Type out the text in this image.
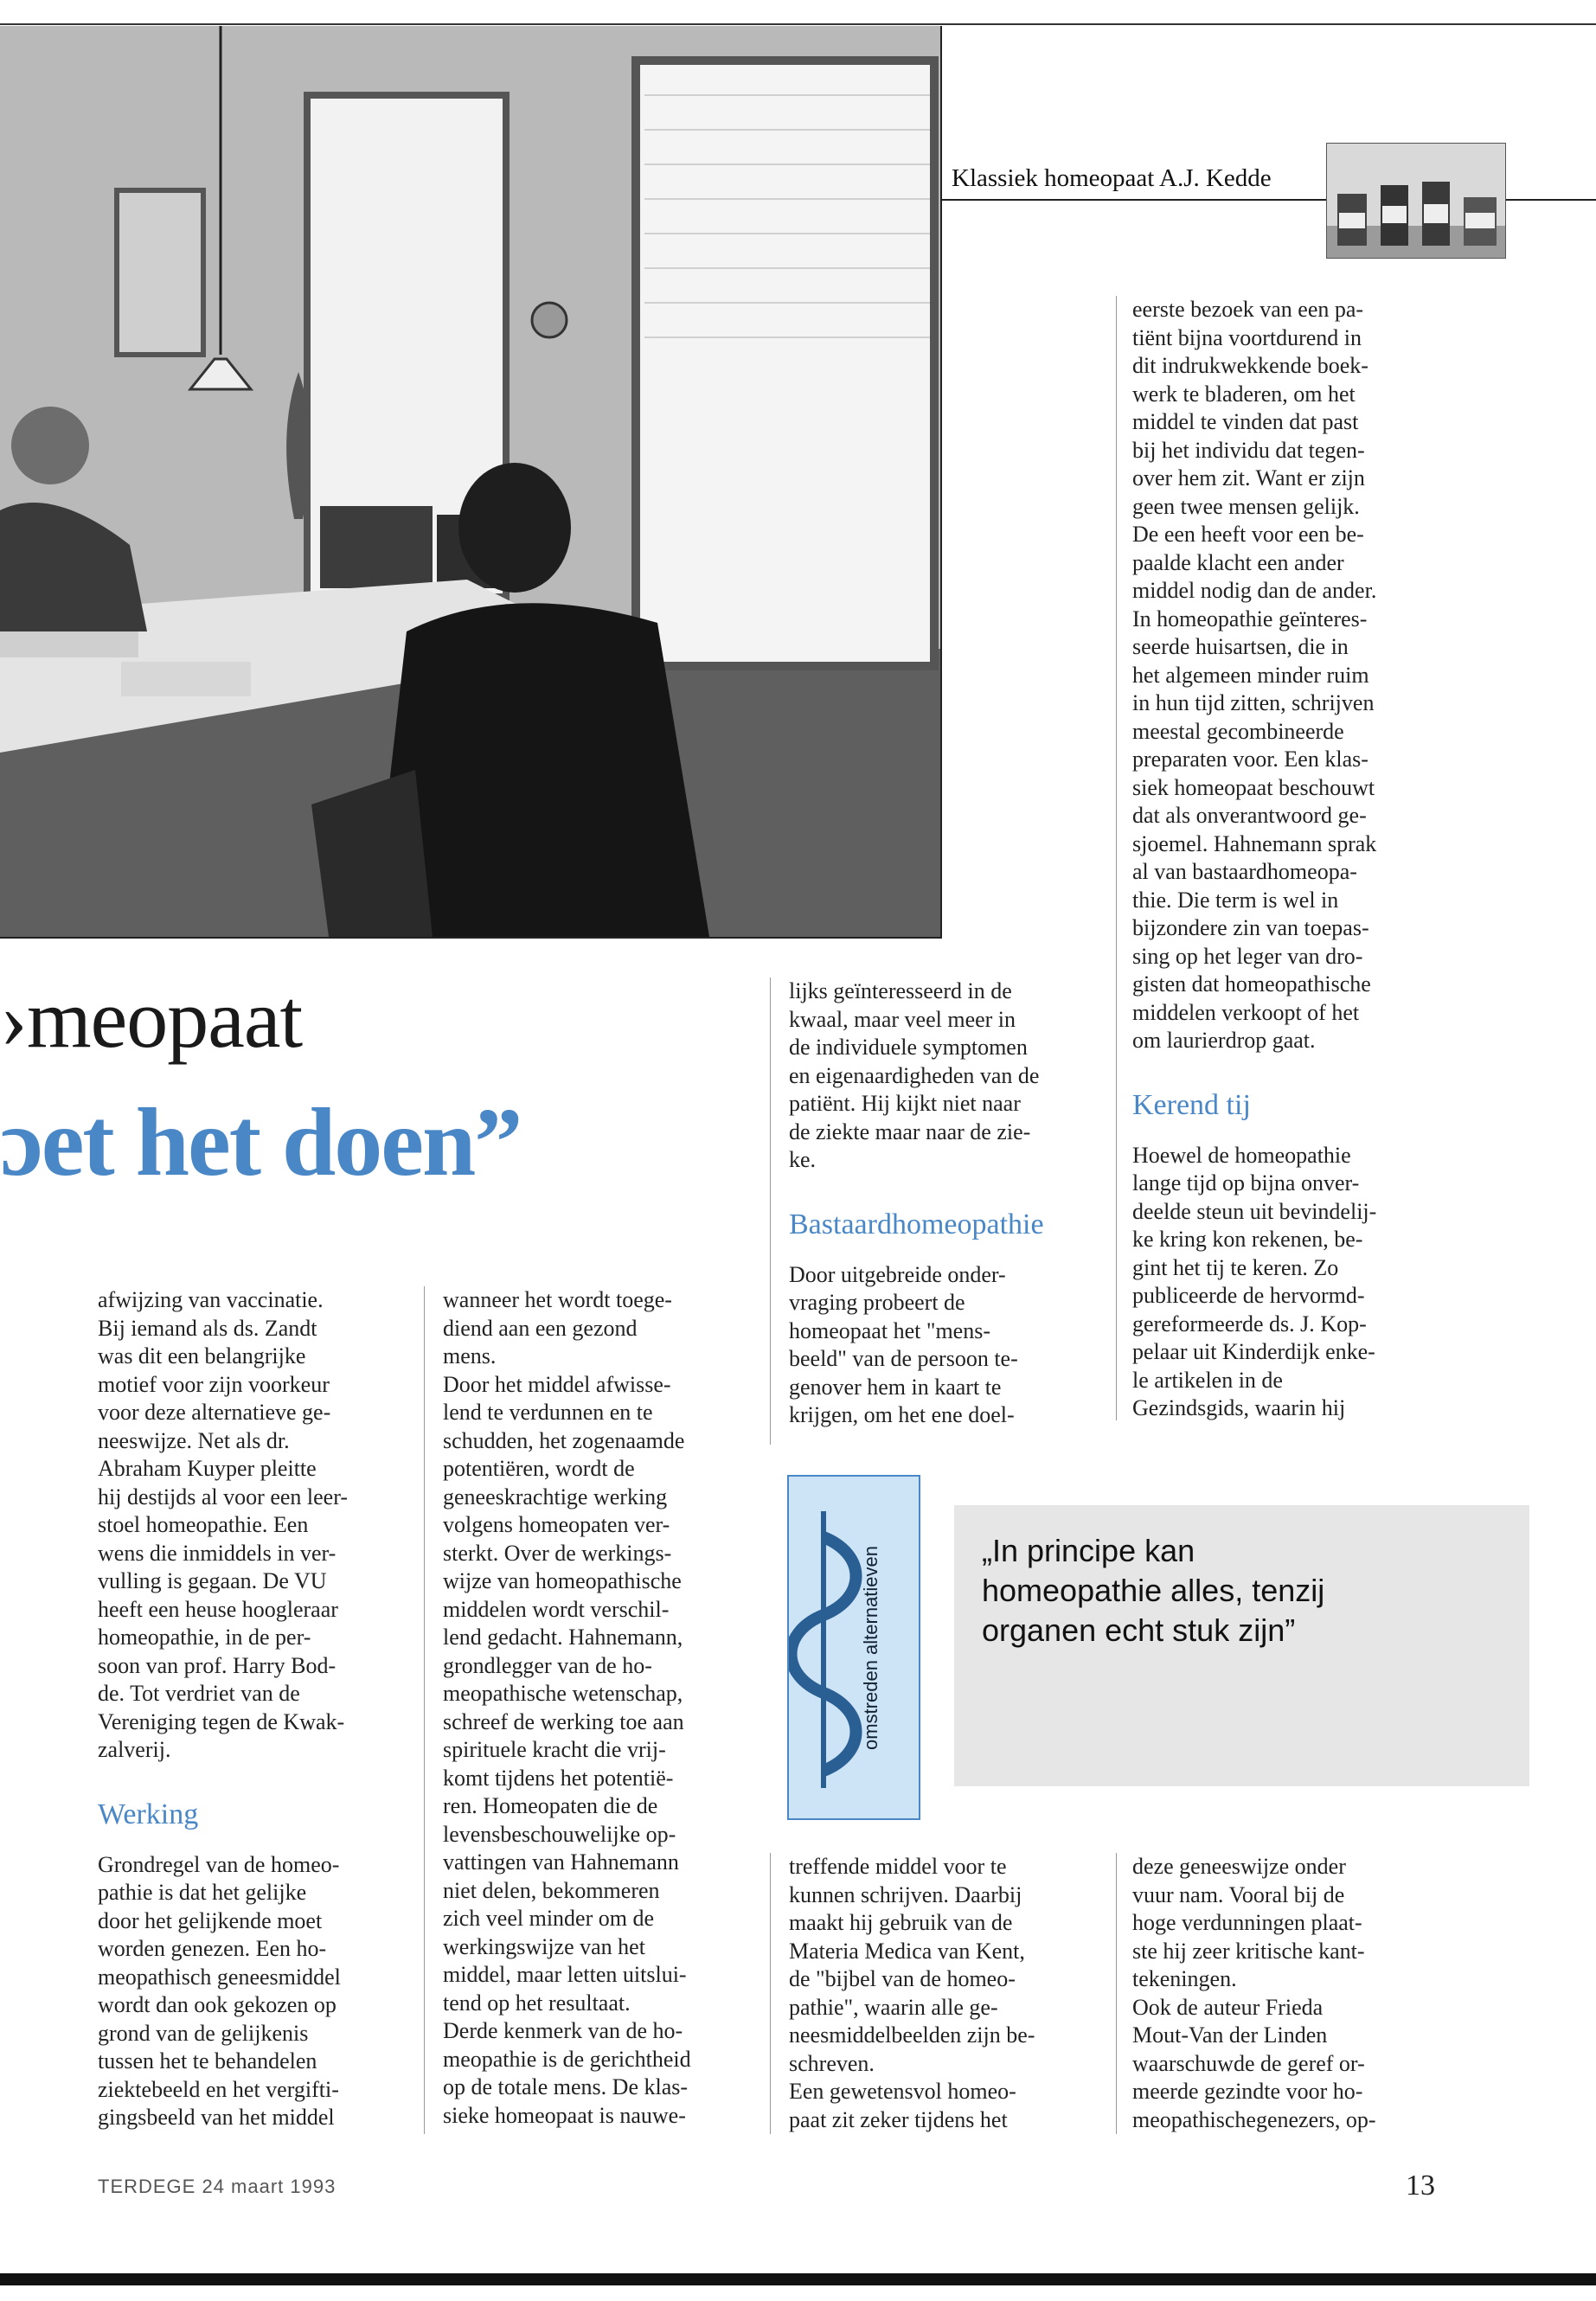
Klassiek homeopaat A.J. Kedde
›meopaat
ɔet het doen”

afwijzing van vaccinatie.
Bij iemand als ds. Zandt
was dit een belangrijke
motief voor zijn voorkeur
voor deze alternatieve ge-
neeswijze. Net als dr.
Abraham Kuyper pleitte
hij destijds al voor een leer-
stoel homeopathie. Een
wens die inmiddels in ver-
vulling is gegaan. De VU
heeft een heuse hoogleraar
homeopathie, in de per-
soon van prof. Harry Bod-
de. Tot verdriet van de
Vereniging tegen de Kwak-
zalverij.

Werking

Grondregel van de homeo-
pathie is dat het gelijke
door het gelijkende moet
worden genezen. Een ho-
meopathisch geneesmiddel
wordt dan ook gekozen op
grond van de gelijkenis
tussen het te behandelen
ziektebeeld en het vergifti-
gingsbeeld van het middel

wanneer het wordt toege-
diend aan een gezond
mens.
Door het middel afwisse-
lend te verdunnen en te
schudden, het zogenaamde
potentiëren, wordt de
geneeskrachtige werking
volgens homeopaten ver-
sterkt. Over de werkings-
wijze van homeopathische
middelen wordt verschil-
lend gedacht. Hahnemann,
grondlegger van de ho-
meopathische wetenschap,
schreef de werking toe aan
spirituele kracht die vrij-
komt tijdens het potentië-
ren. Homeopaten die de
levensbeschouwelijke op-
vattingen van Hahnemann
niet delen, bekommeren
zich veel minder om de
werkingswijze van het
middel, maar letten uitslui-
tend op het resultaat.
Derde kenmerk van de ho-
meopathie is de gerichtheid
op de totale mens. De klas-
sieke homeopaat is nauwe-

lijks geïnteresseerd in de
kwaal, maar veel meer in
de individuele symptomen
en eigenaardigheden van de
patiënt. Hij kijkt niet naar
de ziekte maar naar de zie-
ke.

Bastaardhomeopathie

Door uitgebreide onder-
vraging probeert de
homeopaat het "mens-
beeld" van de persoon te-
genover hem in kaart te
krijgen, om het ene doel-

eerste bezoek van een pa-
tiënt bijna voortdurend in
dit indrukwekkende boek-
werk te bladeren, om het
middel te vinden dat past
bij het individu dat tegen-
over hem zit. Want er zijn
geen twee mensen gelijk.
De een heeft voor een be-
paalde klacht een ander
middel nodig dan de ander.
In homeopathie geïnteres-
seerde huisartsen, die in
het algemeen minder ruim
in hun tijd zitten, schrijven
meestal gecombineerde
preparaten voor. Een klas-
siek homeopaat beschouwt
dat als onverantwoord ge-
sjoemel. Hahnemann sprak
al van bastaardhomeopa-
thie. Die term is wel in
bijzondere zin van toepas-
sing op het leger van dro-
gisten dat homeopathische
middelen verkoopt of het
om laurierdrop gaat.

Kerend tij

Hoewel de homeopathie
lange tijd op bijna onver-
deelde steun uit bevindelij-
ke kring kon rekenen, be-
gint het tij te keren. Zo
publiceerde de hervormd-
gereformeerde ds. J. Kop-
pelaar uit Kinderdijk enke-
le artikelen in de
Gezindsgids, waarin hij

omstreden alternatieven	„In principe kan
homeopathie alles, tenzij
organen echt stuk zijn”

treffende middel voor te
kunnen schrijven. Daarbij
maakt hij gebruik van de
Materia Medica van Kent,
de "bijbel van de homeo-
pathie", waarin alle ge-
neesmiddelbeelden zijn be-
schreven.
Een gewetensvol homeo-
paat zit zeker tijdens het

deze geneeswijze onder
vuur nam. Vooral bij de
hoge verdunningen plaat-
ste hij zeer kritische kant-
tekeningen.
Ook de auteur Frieda
Mout-Van der Linden
waarschuwde de geref or-
meerde gezindte voor ho-
meopathischegenezers, op-

TERDEGE 24 maart 1993	13
